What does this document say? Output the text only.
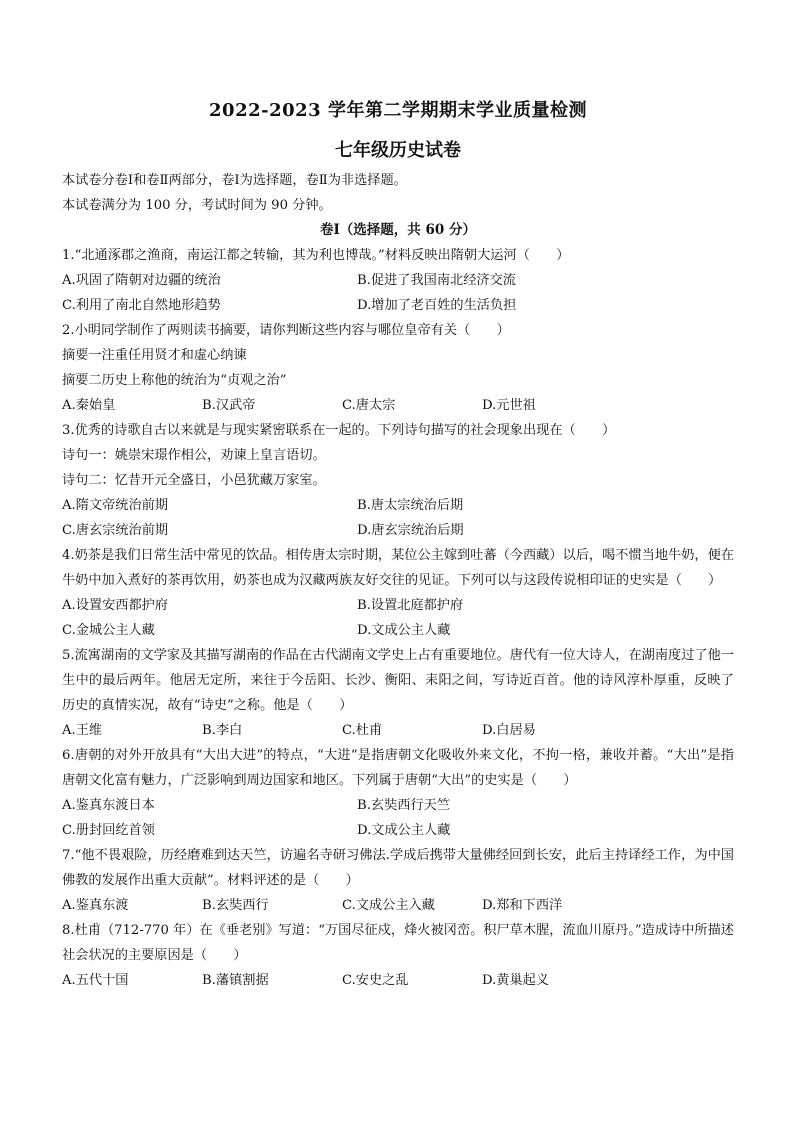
2022-2023 学年第二学期期末学业质量检测
七年级历史试卷
本试卷分卷Ⅰ和卷Ⅱ两部分，卷Ⅰ为选择题，卷Ⅱ为非选择题。
本试卷满分为 100 分，考试时间为 90 分钟。
卷Ⅰ（选择题，共 60 分）
1.“北通涿郡之渔商，南运江都之转输，其为利也博哉。”材料反映出隋朝大运河（　　）
A.巩固了隋朝对边疆的统治	B.促进了我国南北经济交流
C.利用了南北自然地形趋势	D.增加了老百姓的生活负担
2.小明同学制作了两则读书摘要，请你判断这些内容与哪位皇帝有关（　　）
摘要一注重任用贤才和虚心纳谏
摘要二历史上称他的统治为“贞观之治”
A.秦始皇	B.汉武帝	C.唐太宗	D.元世祖
3.优秀的诗歌自古以来就是与现实紧密联系在一起的。下列诗句描写的社会现象出现在（　　）
诗句一：姚崇宋璟作相公，劝谏上皇言语切。
诗句二：忆昔开元全盛日，小邑犹藏万家室。
A.隋文帝统治前期	B.唐太宗统治后期
C.唐玄宗统治前期	D.唐玄宗统治后期
4.奶茶是我们日常生活中常见的饮品。相传唐太宗时期，某位公主嫁到吐蕃（今西藏）以后，喝不惯当地牛奶，便在牛奶中加入煮好的茶再饮用，奶茶也成为汉藏两族友好交往的见证。下列可以与这段传说相印证的史实是（　　）
A.设置安西都护府	B.设置北庭都护府
C.金城公主人藏	D.文成公主人藏
5.流寓湖南的文学家及其描写湖南的作品在古代湖南文学史上占有重要地位。唐代有一位大诗人，在湖南度过了他一生中的最后两年。他居无定所，来往于今岳阳、长沙、衡阳、耒阳之间，写诗近百首。他的诗风淳朴厚重，反映了历史的真情实况，故有“诗史”之称。他是（　　）
A.王维	B.李白	C.杜甫	D.白居易
6.唐朝的对外开放具有“大出大进”的特点，“大进”是指唐朝文化吸收外来文化，不拘一格，兼收并蓄。“大出”是指唐朝文化富有魅力，广泛影响到周边国家和地区。下列属于唐朝“大出”的史实是（　　）
A.鉴真东渡日本	B.玄奘西行天竺
C.册封回纥首领	D.文成公主人藏
7.“他不畏艰险，历经磨难到达天竺，访遍名寺研习佛法.学成后携带大量佛经回到长安，此后主持译经工作，为中国佛教的发展作出重大贡献”。材料评述的是（　　）
A.鉴真东渡	B.玄奘西行	C.文成公主入藏	D.郑和下西洋
8.杜甫（712-770 年）在《垂老别》写道：“万国尽征戍，烽火被冈峦。积尸草木腥，流血川原丹。”造成诗中所描述社会状况的主要原因是（　　）
A.五代十国	B.藩镇割据	C.安史之乱	D.黄巢起义
